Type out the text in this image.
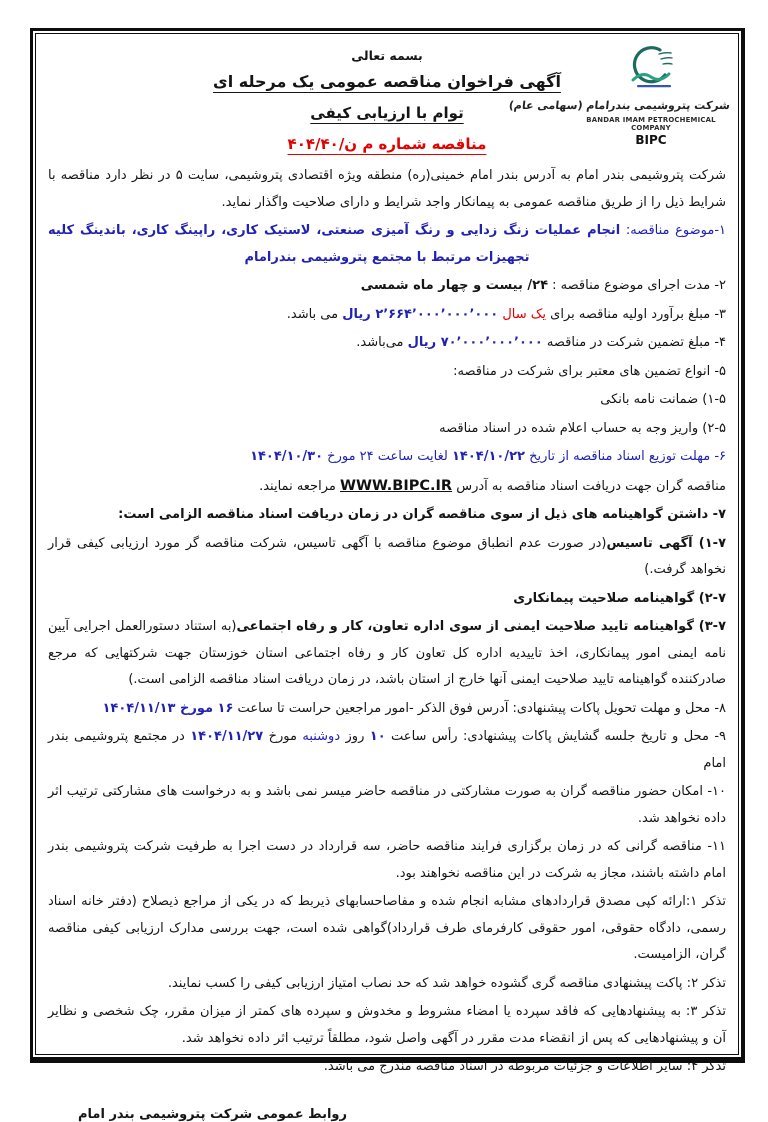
شرکت پتروشیمی بندرامام (سهامی عام)
BANDAR IMAM PETROCHEMICAL COMPANY
BIPC
بسمه تعالی
آگهی فراخوان مناقصه عمومی یک مرحله ای
توام با ارزیابی کیفی
مناقصه شماره م ن/۴۰۴/۴۰

شرکت پتروشیمی بندر امام به آدرس بندر امام خمینی(ره) منطقه ویژه اقتصادی پتروشیمی، سایت ۵ در نظر دارد مناقصه با شرایط ذیل را از طریق مناقصه عمومی به پیمانکار واجد شرایط و دارای صلاحیت واگذار نماید.

۱-موضوع مناقصه: انجام عملیات زنگ زدایی و رنگ آمیزی صنعتی، لاستیک کاری، راپینگ کاری، باندینگ کلیه تجهیزات مرتبط با مجتمع پتروشیمی بندرامام

۲- مدت اجرای موضوع مناقصه : ۲۴/ بیست و چهار ماه شمسی

۳- مبلغ برآورد اولیه مناقصه برای یک سال ۲٬۶۶۴٬۰۰۰٬۰۰۰٬۰۰۰ ریال می باشد.

۴- مبلغ تضمین شرکت در مناقصه ۷۰٬۰۰۰٬۰۰۰٬۰۰۰ ریال می‌باشد.

۵- انواع تضمین های معتبر برای شرکت در مناقصه:

۵‏-‏۱) ضمانت نامه بانکی

۵‏-‏۲) واریز وجه به حساب اعلام شده در اسناد مناقصه

۶- مهلت توزیع اسناد مناقصه از تاریخ ۱۴۰۴/۱۰/۲۲ لغایت ساعت ۲۴ مورخ ۱۴۰۴/۱۰/۳۰

مناقصه گران جهت دریافت اسناد مناقصه به آدرس WWW.BIPC.IR مراجعه نمایند.

۷- داشتن گواهینامه های ذیل از سوی مناقصه گران در زمان دریافت اسناد مناقصه الزامی است:

۷‏-‏۱) آگهی تاسیس(در صورت عدم انطباق موضوع مناقصه با آگهی تاسیس، شرکت مناقصه گر مورد ارزیابی کیفی قرار نخواهد گرفت.)

۷‏-‏۲) گواهینامه صلاحیت پیمانکاری

۷‏-‏۳) گواهینامه تایید صلاحیت ایمنی از سوی اداره تعاون، کار و رفاه اجتماعی(به استناد دستورالعمل اجرایی آیین نامه ایمنی امور پیمانکاری، اخذ تاییدیه اداره کل تعاون کار و رفاه اجتماعی استان خوزستان جهت شرکتهایی که مرجع صادرکننده گواهینامه تایید صلاحیت ایمنی آنها خارج از استان باشد، در زمان دریافت اسناد مناقصه الزامی است.)

۸- محل و مهلت تحویل پاکات پیشنهادی: آدرس فوق الذکر -امور مراجعین حراست تا ساعت ۱۶ مورخ ۱۴۰۴/۱۱/۱۳

۹- محل و تاریخ جلسه گشایش پاکات پیشنهادی: رأس ساعت ۱۰ روز دوشنبه مورخ ۱۴۰۴/۱۱/۲۷ در مجتمع پتروشیمی بندر امام

۱۰- امکان حضور مناقصه گران به صورت مشارکتی در مناقصه حاضر میسر نمی باشد و به درخواست های مشارکتی ترتیب اثر داده نخواهد شد.

۱۱- مناقصه گرانی که در زمان برگزاری فرایند مناقصه حاضر، سه قرارداد در دست اجرا به طرفیت شرکت پتروشیمی بندر امام داشته باشند، مجاز به شرکت در این مناقصه نخواهند بود.

تذکر ۱:ارائه کپی مصدق قراردادهای مشابه انجام شده و مفاصاحسابهای ذیربط که در یکی از مراجع ذیصلاح (دفتر خانه اسناد رسمی، دادگاه حقوقی، امور حقوقی کارفرمای طرف قرارداد)گواهی شده است، جهت بررسی مدارک ارزیابی کیفی مناقصه گران، الزامیست.

تذکر ۲: پاکت پیشنهادی مناقصه گری گشوده خواهد شد که حد نصاب امتیاز ارزیابی کیفی را کسب نمایند.

تذکر ۳: به پیشنهادهایی که فاقد سپرده یا امضاء مشروط و مخدوش و سپرده های کمتر از میزان مقرر، چک شخصی و نظایر آن و پیشنهادهایی که پس از انقضاء مدت مقرر در آگهی واصل شود، مطلقاً ترتیب اثر داده نخواهد شد.

تذکر ۴: سایر اطلاعات و جزئیات مربوطه در اسناد مناقصه مندرج می باشد.

روابط عمومی شرکت پتروشیمی بندر امام
